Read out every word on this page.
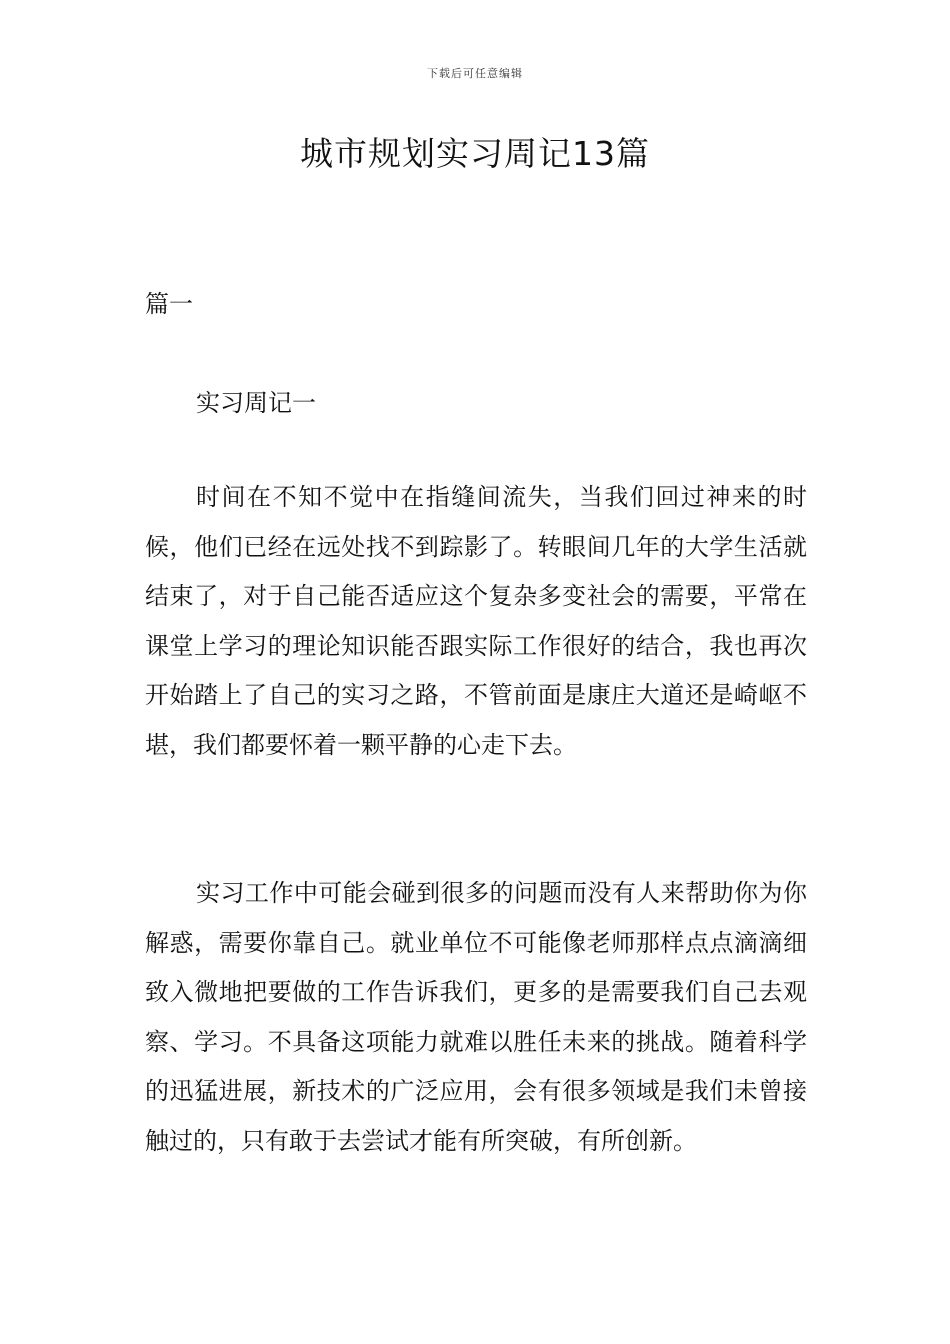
下载后可任意编辑
城市规划实习周记13篇
篇一
实习周记一

时间在不知不觉中在指缝间流失，当我们回过神来的时候，他们已经在远处找不到踪影了。转眼间几年的大学生活就结束了，对于自己能否适应这个复杂多变社会的需要，平常在课堂上学习的理论知识能否跟实际工作很好的结合，我也再次开始踏上了自己的实习之路，不管前面是康庄大道还是崎岖不堪，我们都要怀着一颗平静的心走下去。

实习工作中可能会碰到很多的问题而没有人来帮助你为你解惑，需要你靠自己。就业单位不可能像老师那样点点滴滴细致入微地把要做的工作告诉我们，更多的是需要我们自己去观察、学习。不具备这项能力就难以胜任未来的挑战。随着科学的迅猛进展，新技术的广泛应用，会有很多领域是我们未曾接触过的，只有敢于去尝试才能有所突破，有所创新。
